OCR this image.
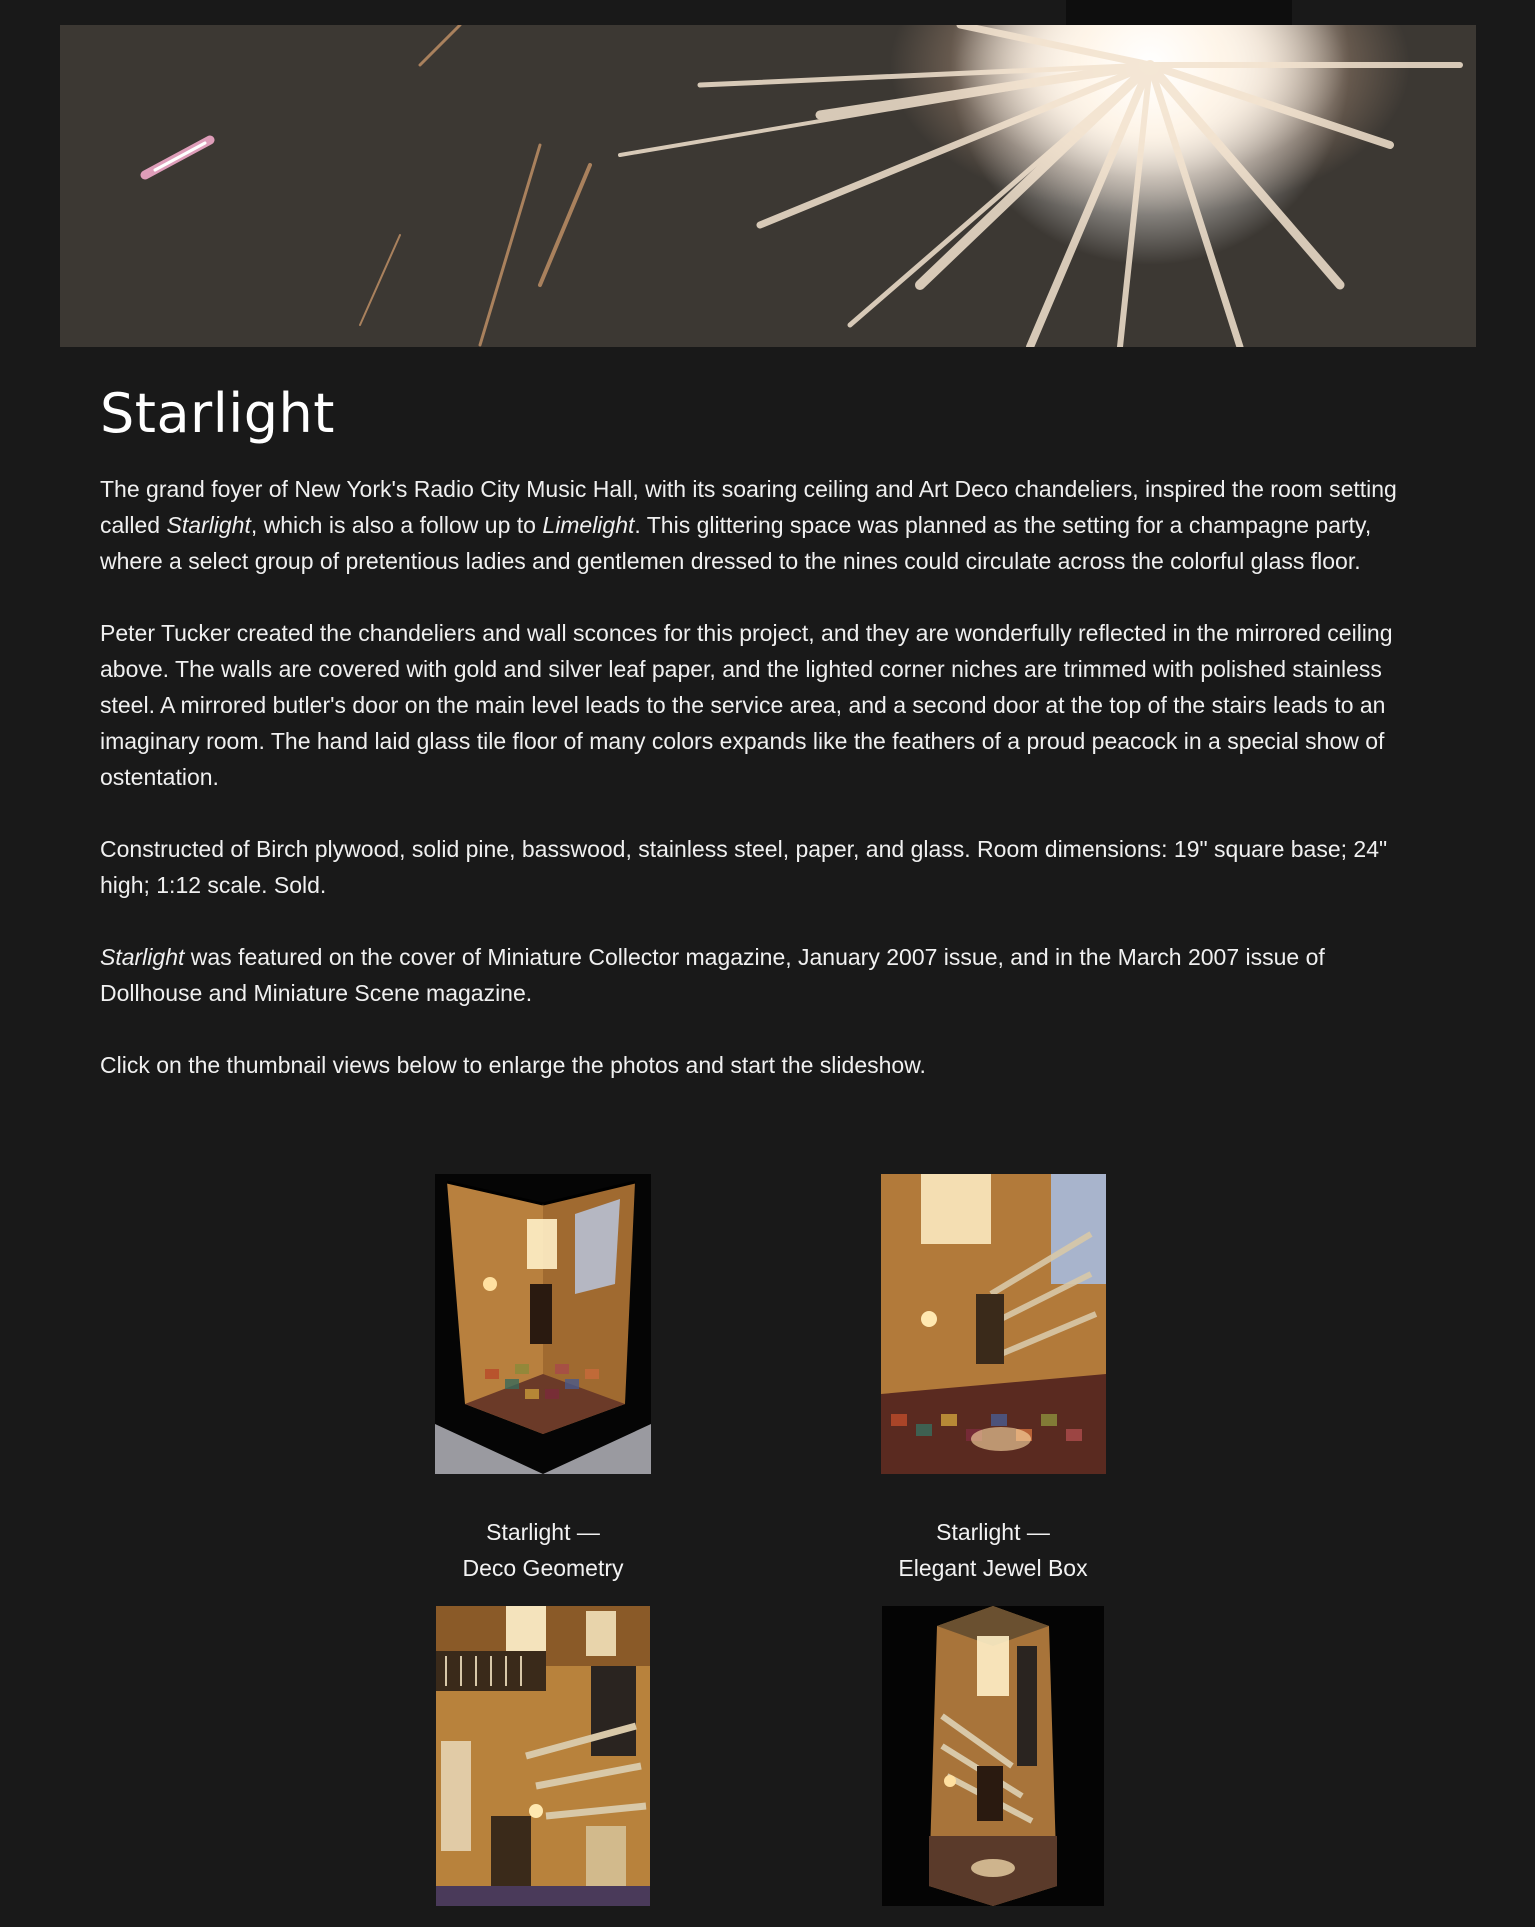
Starlight

The grand foyer of New York's Radio City Music Hall, with its soaring ceiling and Art Deco chandeliers, inspired the room setting called Starlight, which is also a follow up to Limelight. This glittering space was planned as the setting for a champagne party, where a select group of pretentious ladies and gentlemen dressed to the nines could circulate across the colorful glass floor.

Peter Tucker created the chandeliers and wall sconces for this project, and they are wonderfully reflected in the mirrored ceiling above. The walls are covered with gold and silver leaf paper, and the lighted corner niches are trimmed with polished stainless steel. A mirrored butler's door on the main level leads to the service area, and a second door at the top of the stairs leads to an imaginary room. The hand laid glass tile floor of many colors expands like the feathers of a proud peacock in a special show of ostentation.

Constructed of Birch plywood, solid pine, basswood, stainless steel, paper, and glass. Room dimensions: 19" square base; 24" high; 1:12 scale. Sold.

Starlight was featured on the cover of Miniature Collector magazine, January 2007 issue, and in the March 2007 issue of Dollhouse and Miniature Scene magazine.

Click on the thumbnail views below to enlarge the photos and start the slideshow.

Starlight —
Deco Geometry
Starlight —
Elegant Jewel Box
